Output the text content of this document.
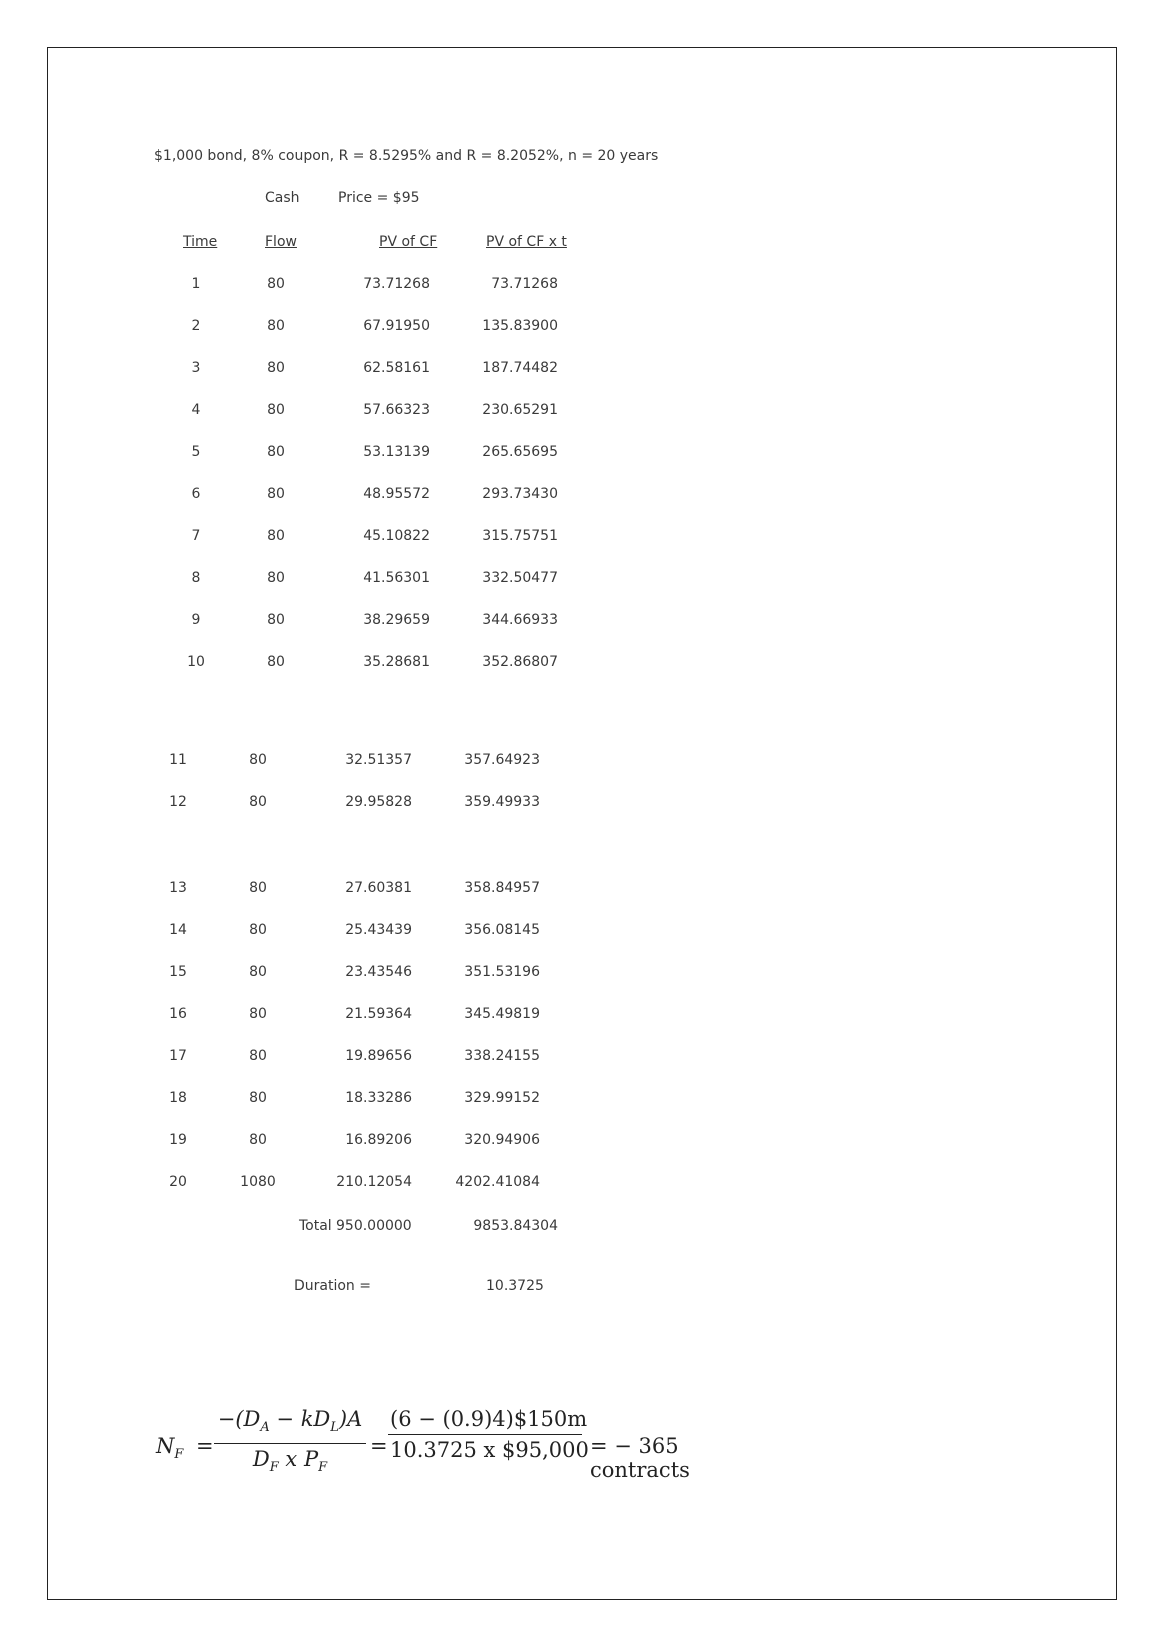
$1,000 bond, 8% coupon, R = 8.5295% and R = 8.2052%, n = 20 years
Cash	Price = $95
Time	Flow	PV of CF	PV of CF x t
1	80	73.71268	73.71268
2	80	67.91950	135.83900
3	80	62.58161	187.74482
4	80	57.66323	230.65291
5	80	53.13139	265.65695
6	80	48.95572	293.73430
7	80	45.10822	315.75751
8	80	41.56301	332.50477
9	80	38.29659	344.66933
10	80	35.28681	352.86807
11	80	32.51357	357.64923
12	80	29.95828	359.49933
13	80	27.60381	358.84957
14	80	25.43439	356.08145
15	80	23.43546	351.53196
16	80	21.59364	345.49819
17	80	19.89656	338.24155
18	80	18.33286	329.99152
19	80	16.89206	320.94906
20	1080	210.12054	4202.41084
Total 950.00000	9853.84304
Duration =	10.3725
$N_F$ =
$-(D_A - kD_L)A$
$D_F$ x $P_F$
= $\frac{(6 - (0.9)4)\$150m}{10.3725 x \$95,000}$ = − 365 contracts
